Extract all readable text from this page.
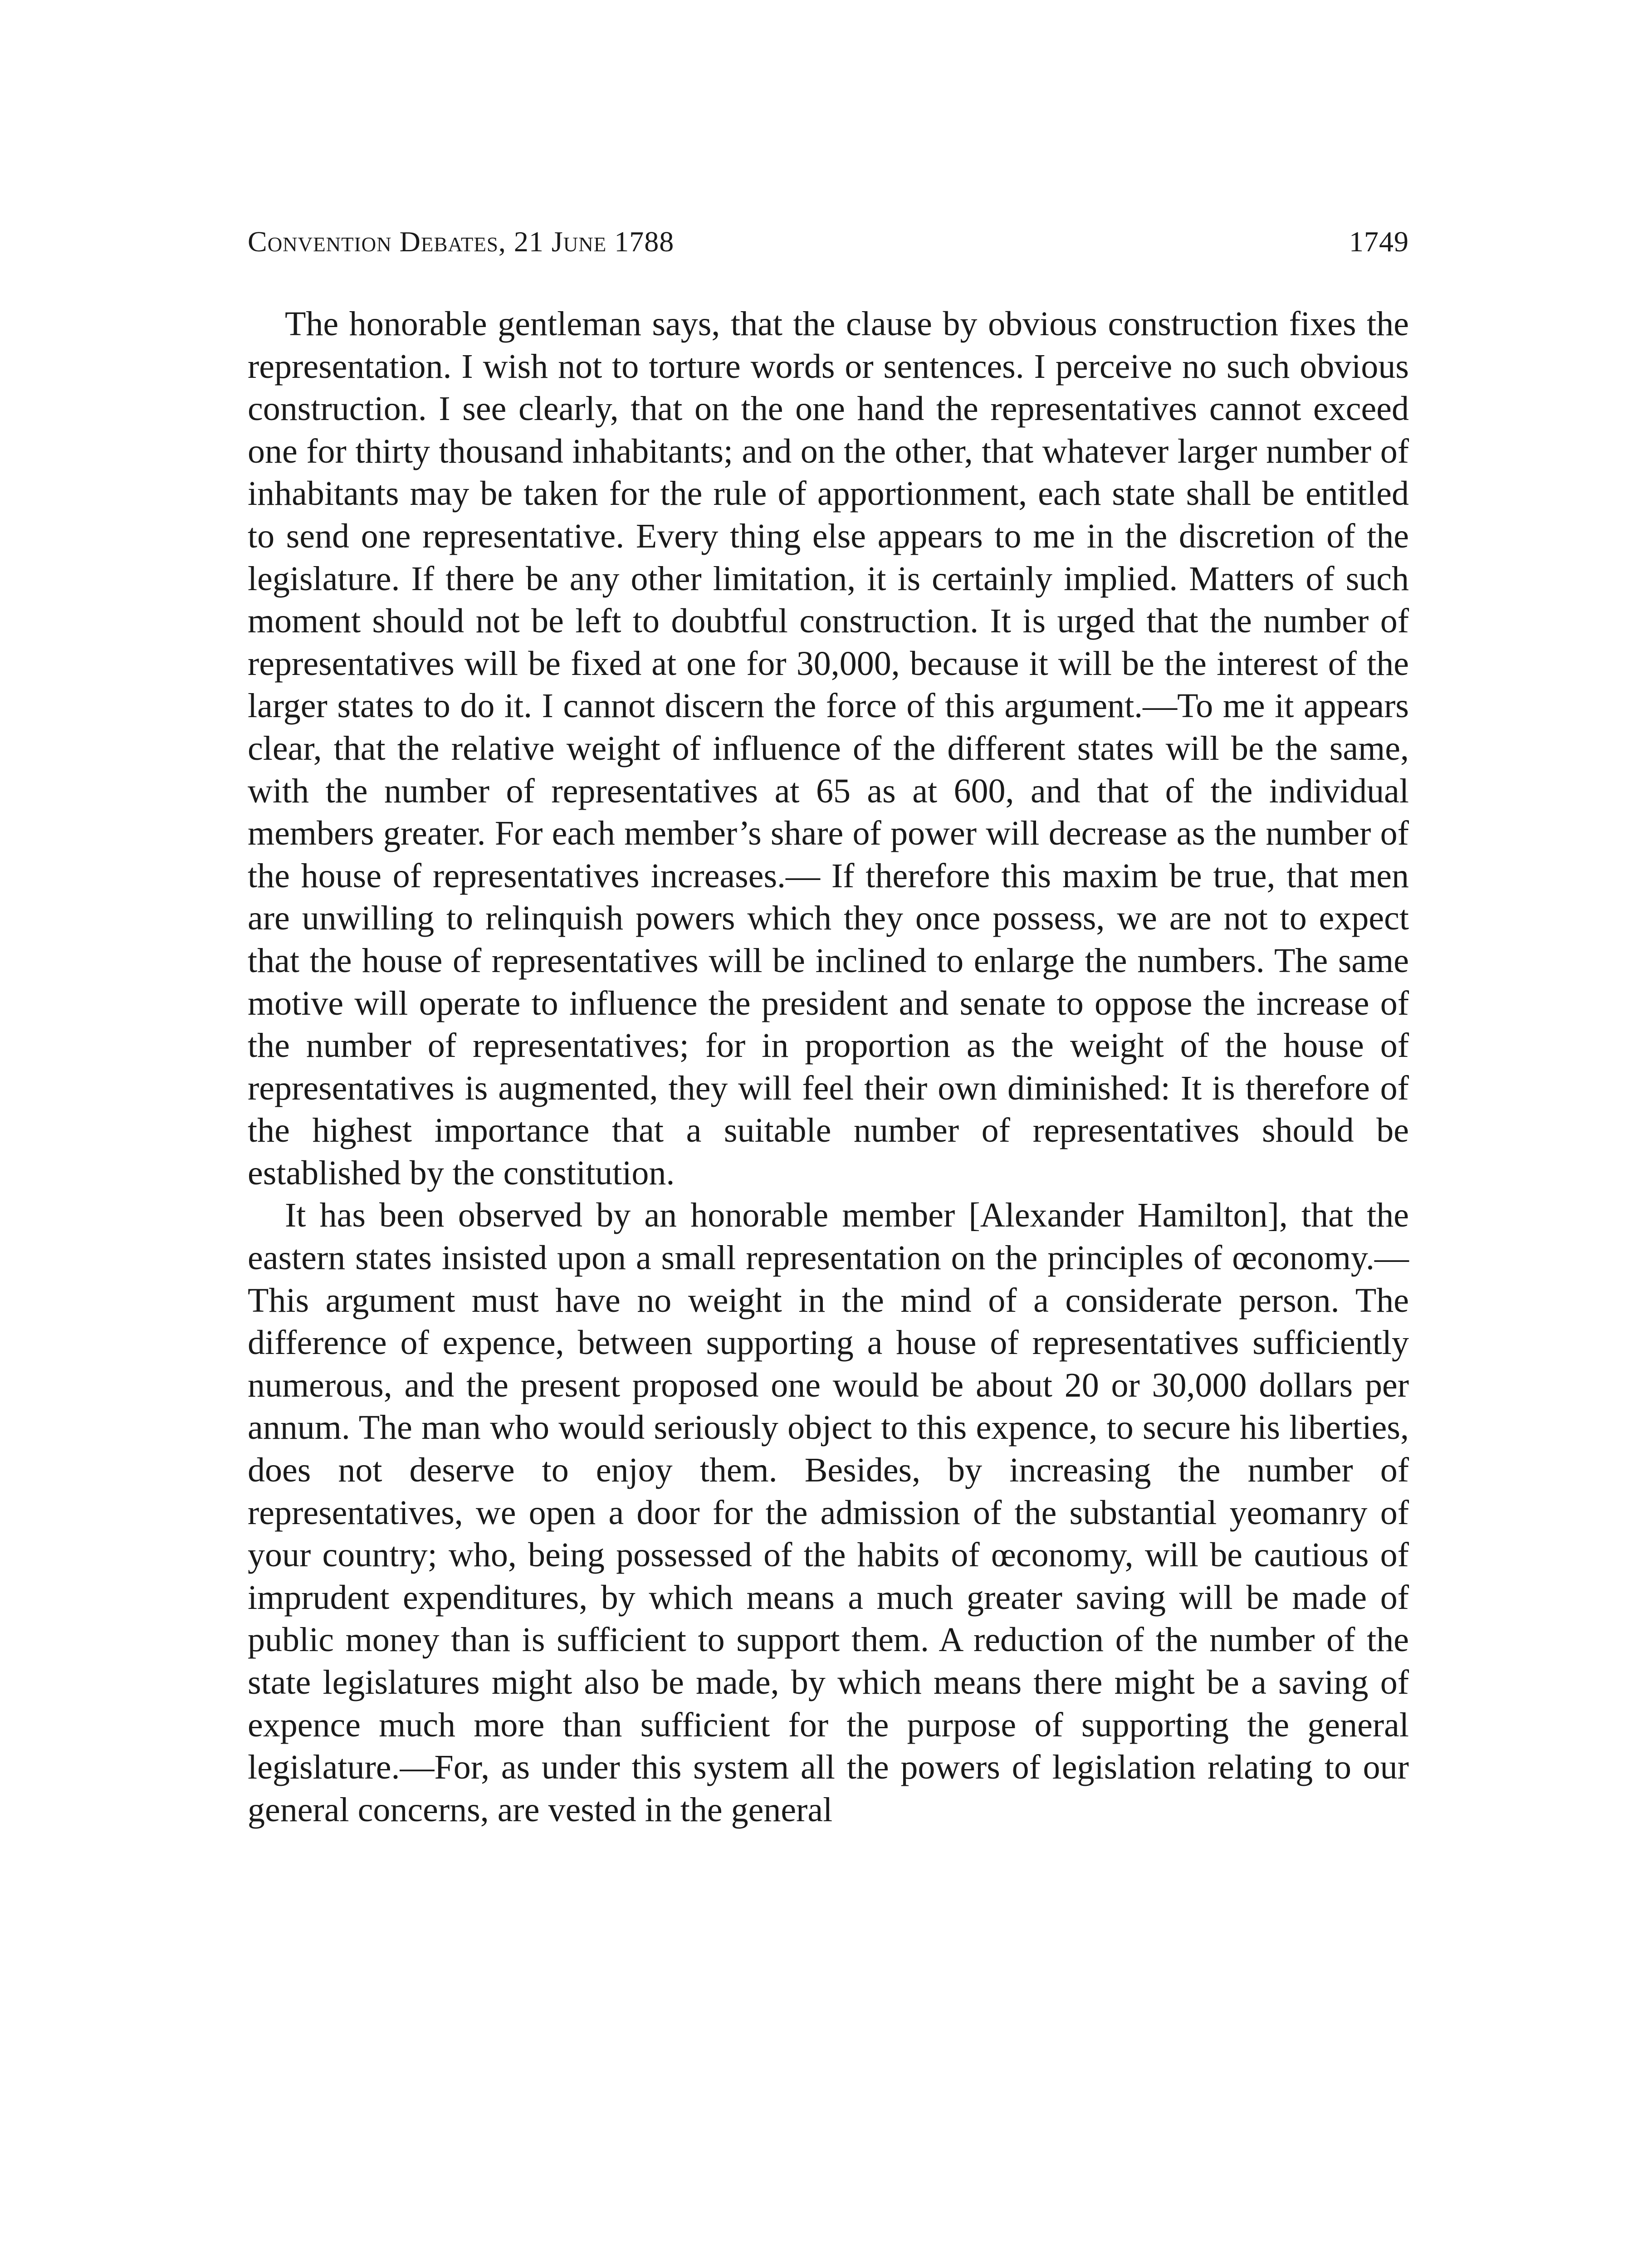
Convention Debates, 21 June 1788	1749

The honorable gentleman says, that the clause by obvious construction fixes the representation. I wish not to torture words or sentences. I perceive no such obvious construction. I see clearly, that on the one hand the representatives cannot exceed one for thirty thousand inhabitants; and on the other, that whatever larger number of inhabitants may be taken for the rule of apportionment, each state shall be entitled to send one representative. Every thing else appears to me in the discretion of the legislature. If there be any other limitation, it is certainly implied. Matters of such moment should not be left to doubtful construction. It is urged that the number of representatives will be fixed at one for 30,000, because it will be the interest of the larger states to do it. I cannot discern the force of this argument.—To me it appears clear, that the relative weight of influence of the different states will be the same, with the number of representatives at 65 as at 600, and that of the individual members greater. For each member’s share of power will decrease as the number of the house of representatives increases.— If therefore this maxim be true, that men are unwilling to relinquish powers which they once possess, we are not to expect that the house of representatives will be inclined to enlarge the numbers. The same motive will operate to influence the president and senate to oppose the increase of the number of representatives; for in proportion as the weight of the house of representatives is augmented, they will feel their own diminished: It is therefore of the highest importance that a suitable number of representatives should be established by the constitution.

It has been observed by an honorable member [Alexander Hamilton], that the eastern states insisted upon a small representation on the principles of œconomy.—This argument must have no weight in the mind of a considerate person. The difference of expence, between supporting a house of representatives sufficiently numerous, and the present proposed one would be about 20 or 30,000 dollars per annum. The man who would seriously object to this expence, to secure his liberties, does not deserve to enjoy them. Besides, by increasing the number of representatives, we open a door for the admission of the substantial yeomanry of your country; who, being possessed of the habits of œconomy, will be cautious of imprudent expenditures, by which means a much greater saving will be made of public money than is sufficient to support them. A reduction of the number of the state legislatures might also be made, by which means there might be a saving of expence much more than sufficient for the purpose of supporting the general legislature.—For, as under this system all the powers of legislation relating to our general concerns, are vested in the general
